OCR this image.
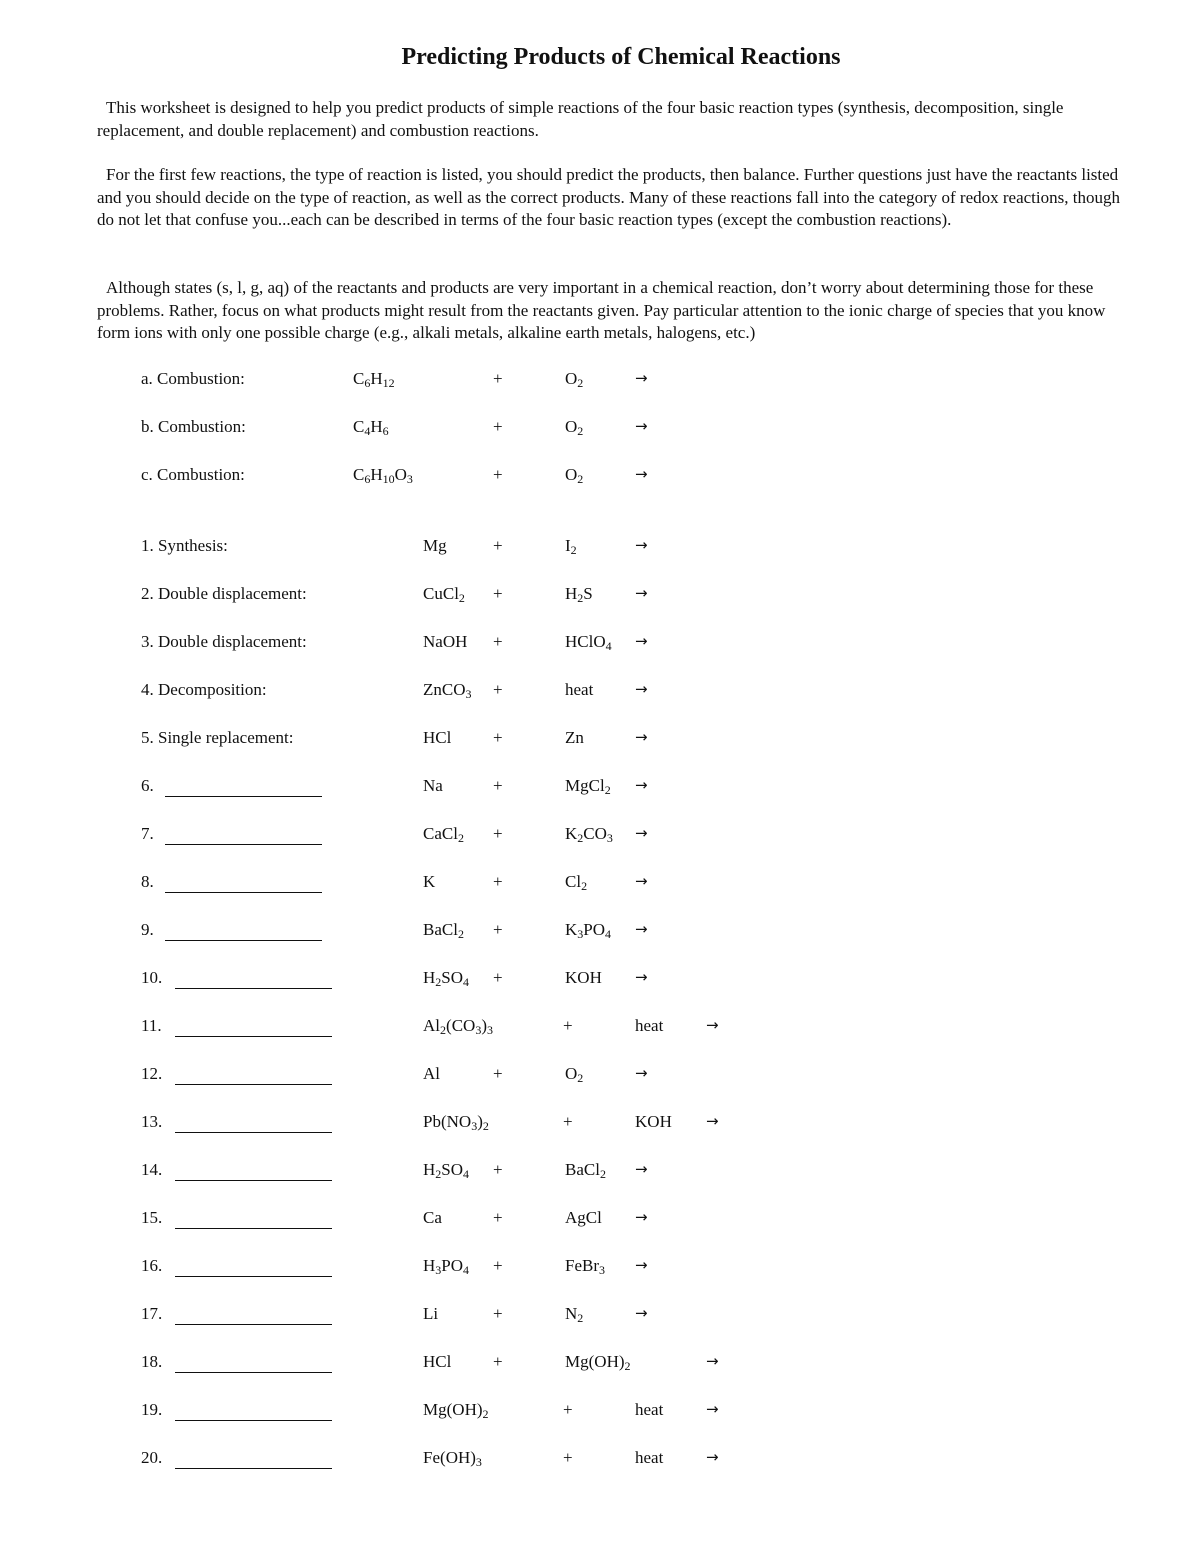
Predicting Products of Chemical Reactions

This worksheet is designed to help you predict products of simple reactions of the four basic reaction types (synthesis, decomposition, single replacement, and double replacement) and combustion reactions.

For the first few reactions, the type of reaction is listed, you should predict the products, then balance. Further questions just have the reactants listed and you should decide on the type of reaction, as well as the correct products. Many of these reactions fall into the category of redox reactions, though do not let that confuse you...each can be described in terms of the four basic reaction types (except the combustion reactions).

Although states (s, l, g, aq) of the reactants and products are very important in a chemical reaction, don’t worry about determining those for these problems. Rather, focus on what products might result from the reactants given. Pay particular attention to the ionic charge of species that you know form ions with only one possible charge (e.g., alkali metals, alkaline earth metals, halogens, etc.)

a. Combustion:	$C_6H_{12}$	+	$O_2$	→
b. Combustion:	$C_4H_6$	+	$O_2$	→
c. Combustion:	$C_6H_{10}O_3$	+	$O_2$	→
1. Synthesis:	Mg	+	$I_2$	→
2. Double displacement:	CuCl$_2$ +	$H_2S$	→
3. Double displacement:	NaOH +	HClO$_4$ →
4. Decomposition:	ZnCO$_3$ +	heat	→
5. Single replacement:	HCl +	Zn	→
6.	Na	+	MgCl$_2$ →
7.	CaCl$_2$ +	$K_2CO_3$ →
8.	K	+	$Cl_2$	→
9.	BaCl$_2$ +	$K_3PO_4$ →
10.	$H_2SO_4$ +	KOH →
11.	$Al_2(CO_3)_3$	+	heat	→
12.	Al	+	$O_2$	→
13.	$Pb(NO_3)_2$	+	KOH →
14.	$H_2SO_4$ +	BaCl$_2$ →
15.	Ca	+	AgCl →
16.	$H_3PO_4$ +	FeBr$_3$ →
17.	Li	+	$N_2$	→
18.	HCl +	$Mg(OH)_2$	→
19.	$Mg(OH)_2$	+	heat	→
20.	$Fe(OH)_3$	+	heat	→
